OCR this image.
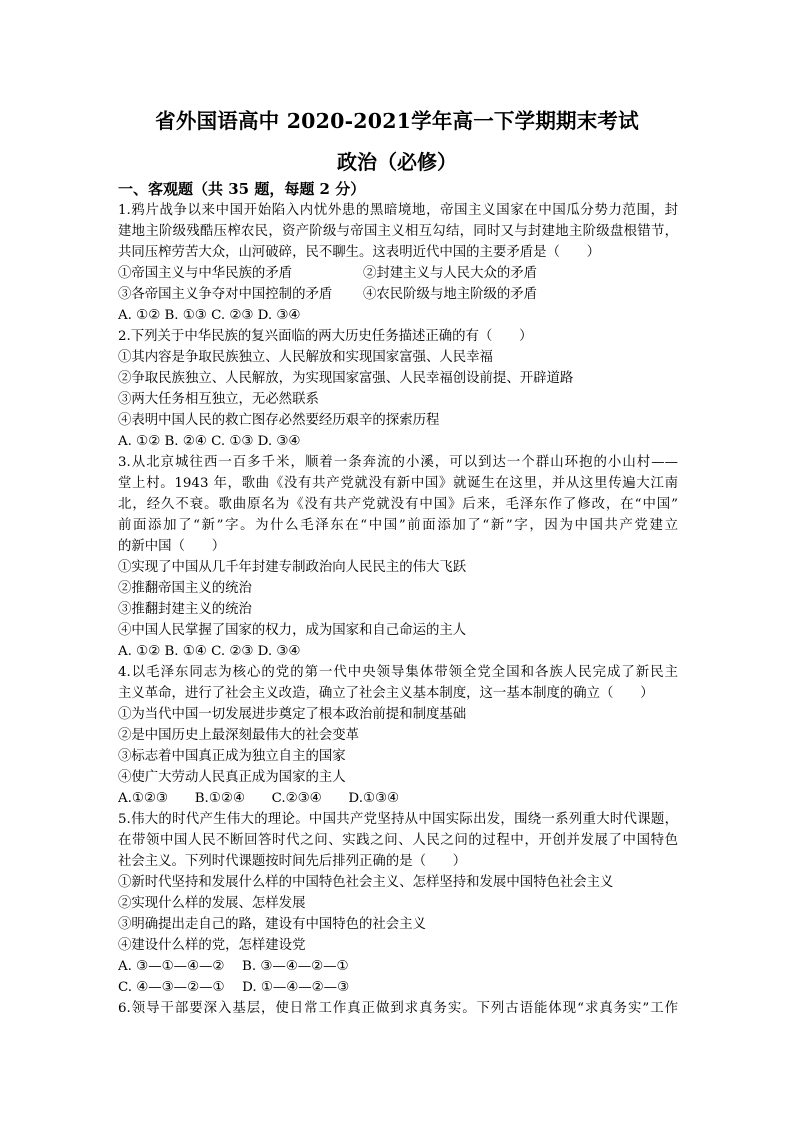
省外国语高中 2020-2021学年高一下学期期末考试
政治（必修）
一、客观题（共 35 题，每题 2 分）
1.鸦片战争以来中国开始陷入内忧外患的黑暗境地，帝国主义国家在中国瓜分势力范围，封
建地主阶级残酷压榨农民，资产阶级与帝国主义相互勾结，同时又与封建地主阶级盘根错节，
共同压榨劳苦大众，山河破碎，民不聊生。这表明近代中国的主要矛盾是（　　）
①帝国主义与中华民族的矛盾	②封建主义与人民大众的矛盾
③各帝国主义争夺对中国控制的矛盾	④农民阶级与地主阶级的矛盾
A. ①② B. ①③ C. ②③ D. ③④
2.下列关于中华民族的复兴面临的两大历史任务描述正确的有（　　）
①其内容是争取民族独立、人民解放和实现国家富强、人民幸福
②争取民族独立、人民解放，为实现国家富强、人民幸福创设前提、开辟道路
③两大任务相互独立，无必然联系
④表明中国人民的救亡图存必然要经历艰辛的探索历程
A. ①② B. ②④ C. ①③ D. ③④
3.从北京城往西一百多千米，顺着一条奔流的小溪，可以到达一个群山环抱的小山村——
堂上村。1943 年，歌曲《没有共产党就没有新中国》就诞生在这里，并从这里传遍大江南
北，经久不衰。歌曲原名为《没有共产党就没有中国》后来，毛泽东作了修改，在“中国”
前面添加了“新”字。为什么毛泽东在“中国”前面添加了“新”字，因为中国共产党建立
的新中国（　　）
①实现了中国从几千年封建专制政治向人民民主的伟大飞跃
②推翻帝国主义的统治
③推翻封建主义的统治
④中国人民掌握了国家的权力，成为国家和自己命运的主人
A. ①② B. ①④ C. ②③ D. ③④
4.以毛泽东同志为核心的党的第一代中央领导集体带领全党全国和各族人民完成了新民主
主义革命，进行了社会主义改造，确立了社会主义基本制度，这一基本制度的确立（　　）
①为当代中国一切发展进步奠定了根本政治前提和制度基础
②是中国历史上最深刻最伟大的社会变革
③标志着中国真正成为独立自主的国家
④使广大劳动人民真正成为国家的主人
A.①②③　　B.①②④　　C.②③④　　D.①③④
5.伟大的时代产生伟大的理论。中国共产党坚持从中国实际出发，围绕一系列重大时代课题，
在带领中国人民不断回答时代之问、实践之问、人民之问的过程中，开创并发展了中国特色
社会主义。下列时代课题按时间先后排列正确的是（　　）
①新时代坚持和发展什么样的中国特色社会主义、怎样坚持和发展中国特色社会主义
②实现什么样的发展、怎样发展
③明确提出走自己的路，建设有中国特色的社会主义
④建设什么样的党，怎样建设党
A. ③—①—④—②　 B. ③—④—②—①
C. ④—③—②—①　 D. ①—④—②—③
6.领导干部要深入基层，使日常工作真正做到求真务实。下列古语能体现“求真务实”工作
